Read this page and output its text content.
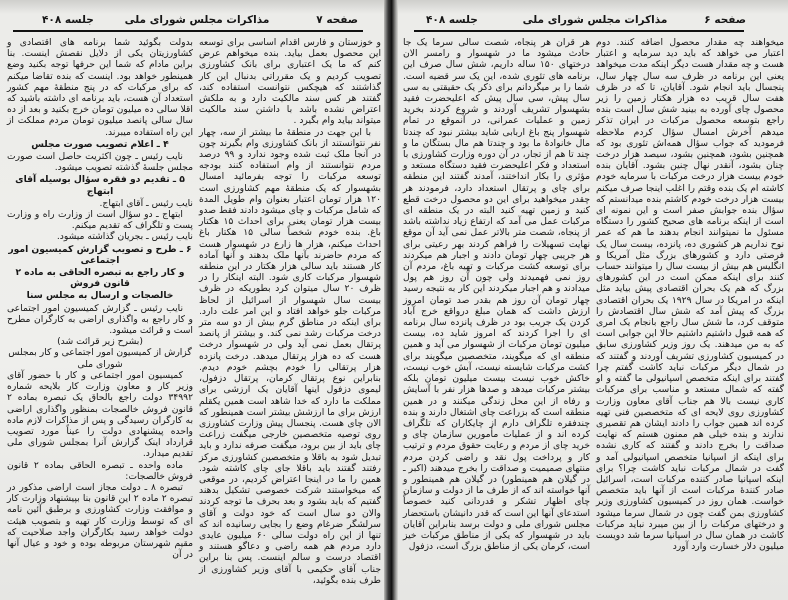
صفحه ۷
مذاکرات مجلس شورای ملی
جلسه ۴۰۸
و خوزستان و فارس اقدام اساسی برای توسعه این محصول بعمل بیاید. بنده میخواهم عرض کنم که ما یک اعتباری برای بانک کشاورزی تصویب کردیم و یک مقرراتی بدنبال این کار گذاشتند که هیچکس نتوانست استفاده کند، گفتند هر کس سند مالکیت دارد و به ملکش اعتراض نشده باشد با داشتن سند مالکیت میتواند بیاید وام بگیرد .
با این جهت در منطقهٔ ما بیشتر از سه، چهار نفر نتوانستند از بانک کشاورزی وام بگیرند چون در آنجا ملک ثبت شده وجود ندارد و ۹۹ درصد مردم نتوانستند از وام استفاده کنند بودجه توسعه مرکبات را توجه بفرمائید امسال بشهسوار که یک منطقهٔ مهم کشاورزی است ۱۲۰ هزار تومان اعتبار بعنوان وام طویل المدة که شامل مرکبات و چای میشود دادند فقط صدو بیست هزار تومان یعنی برای احداث ۱۵ هکتار باغ. بنده خودم شخصاً سالی ۱۵ هکتار باغ احداث میکنم، هزار ها زارع در شهسوار هست که مردم حاضرند بآنها ملک بدهند و آنها آماده کار هستند باید سالی هزار هکتار در این منطقه شهسوار مرکبات کاری شود. البته اینکار را در ظرف ۲۰ سال میتوان کرد بطوریکه در ظرف بیست سال شهسوار از اسرائیل از لحاظ مرکبات جلو خواهد افتاد و این امر علت دارد. برای اینکه در مناطق گرم بیش از دو سه متر درخت مرکبات رشد نمی کند. و بیشتر از پانصد پرتقال بعمل نمی آید ولی در شهسوار درخت هست که ده هزار پرتقال میدهد. درخت پانزده هزار پرتقالی را خودم بچشم خودم دیدم. بنابراین نوع پرتقال کرمان، پرتقال دزفول، لیموی دزفول اینها آقایان یک ارزشی برای مملکت ما دارد که خدا شاهد است همین یکقلم ارزش برای ما ارزشش بیشتر است همینطور که الان چای هست. پنجسال پیش وزارت کشاورزی روی توصیه متخصصین خارجی میگفت زراعت چای باید از بین برود، میگفت صرفه ندارد و باید تبدیل شود به باقلا و متخصصین کشاورزی مرکز رفتند گفتند باید باقلا جای چای کاشته شود. همین را ما در اینجا اعتراض کردیم، در موقعی که میخواستند شرکت خصوصی تشکیل بدهند گفتیم که باید بشود و بعد بحرف ما توجه کردند والان دو سال است که خود دولت و آقای سرلشگر ضرغام وضع را بجایی رسانیده اند که تنها از این راه دولت سالی ۶۰ میلیون عایدی دارد مردم هم همه راضی و دعاگو هستند و اقتصاد درست و سالم اینست. پس بنا براین جناب آقای حکیمی با آقای وزیر کشاورزی از طرف بنده بگوئید،
بدولت بگوئید شما برنامه های اقتصادی و کشاورزیتان یکی از دلایل نقصش اینست. بنا براین مادام که شما این حرفها توجه بکنید وضع همینطور خواهد بود. اینست که بنده تقاضا میکنم که برای مرکبات که در پنج منطقهٔ مهم کشور استعداد آن هست، باید برنامه ای داشته باشید که اقلا سالی ده میلیون تومان خرج بکنید و بعد از ده سال سالی پانصد میلیون تومان مردم مملکت از این راه استفاده میبرند.
۴ ـ اعلام تصویب صورت مجلس
نایب رئیس ـ چون اکثریت حاصل است صورت مجلس جلسهٔ گذشته تصویب میشود.
۵ ـ تقدیم دو فقره سؤال بوسیله آقای ابتهاج
نایب رئیس ـ آقای ابتهاج.
ابتهاج ـ دو سؤال است از وزارت راه و وزارت پست و تلگراف که تقدیم میکنم.
نایب رئیس ـ بجریان گذاشته میشود.
۶ ـ طرح و تصویب گزارش کمیسیون امور اجتماعی
و کار راجع به تبصره الحاقی به ماده ۲ قانون فروش
خالصجات و ارسال به مجلس سنا
نایب رئیس ـ گزارش کمیسیون امور اجتماعی و کار راجع به واگذاری اراضی به کارگران مطرح است و قرائت میشود.
(بشرح زیر قرائت شد)
گزارش از کمیسیون امور اجتماعی و کار بمجلس
شورای ملی
کمیسیون امور اجتماعی و کار با حضور آقای وزیر کار و معاون وزارت کار بلایحه شماره ۳۴۹۹۲ دولت راجع بالحاق یک تبصره بماده ۲ قانون فروش خالصجات بمنظور واگذاری اراضی به کارگران رسیدگی و پس از مذاکرات لازم ماده واحده پیشنهادی دولت را عیناً مورد تصویب قرارداد اینک گزارش آنرا بمجلس شورای ملی تقدیم میدارد.
ماده واحده ـ تبصره الحاقی بماده ۲ قانون فروش خالصجات:
تبصره ۸ ـ دولت مجاز است اراضی مذکور در تبصره ۲ ماده ۲ این قانون بنا بپیشنهاد وزارت کار و موافقت وزارت کشاورزی و برطبق آئین نامه ای که توسط وزارت کار تهیه و بتصویب هیئت دولت خواهد رسید بکارگران واجد صلاحیت که مقیم شهرستان مربوطه بوده و خود و عیال آنها در آن
صفحه ۶
مذاکرات مجلس شورای ملی
جلسه ۴۰۸
میخواهند چه مقدار محصول اضافه کنند. دوم اعتبار می‌ خواهد که باید دید سرمایه و اعتبار هست و چه مقدار هست دیگر اینکه مدت میخواهد یعنی این برنامه در ظرف سه سال چهار سال، پنجسال باید انجام شود. آقایان، تا که در ظرف هفت سال قریب ده هزار هکتار زمین را زیر محصول چای آورده به بینید شش سال است بنده راجع بتوسعه محصول مرکبات در ایران تذکر میدهم آخرش امسال سؤال کردم ملاحظه فرمودید که جواب سؤال همه‌اش تئوری بود که همچنین بشود، همچنین بشود، سیصد هزار درخت چنان بشود، آنقدر نهال چنین بشود. آقایان بنده خودم بیست هزار درخت مرکبات با سرمایه خودم کاشته ام یک بنده وقتم را اغلب اینجا صرف میکنم بیست هزار درخت خودم کاشتم بنده میدانستم که سؤال بنده جوابش صفر است و این نمونه ای است از اینکه برنامه های صحیح کشور را دستگاه مسئول ما نمیتوانند انجام بدهند ما هم که عمر نوح نداریم هر کشوری ده، پانزده، بیست سال یک فرصتی دارد و کشورهای بزرگ مثل آمریکا و انگلیس هم بیش از بیست سال را میتوانند حساب کنند برای اینکه ممکن است در این کشورهای بزرگ که هم یک بحران اقتصادی پیش بیاید مثل اینکه در امریکا در سال ۱۹۲۹ یک بحران اقتصادی بزرگ که پیش آمد که شش سال اقتصادش را متوقف کرد، ما شش سال راجع بانجام یک امری که همه قبول داشتیم داشتیم حالا این جوابی است که به من میدهند. یک روز وزیر کشاورزی سابق در کمیسیون کشاورزی تشریف آوردند و گفتند که در شمال دیگر مرکبات نباید کاشت گفتم چرا گفتند برای اینکه متخصص اسپانیولی ما گفته و او گفته که شمال مستعد و مناسب برای مرکبات کاری نیست بالا هم جناب آقای معاون وزارت کشاورزی روی لایحه ای که متخصصین فنی تهیه کرده اند همین جواب را دادند ایشان هم تقصیری ندارند و بنده خیلی هم ممنون هستم که نهایت صداقت را بخرج دادند و گفتند که کاری نشده برای اینکه از اسپانیا متخصص اسپانیولی آمد و گفت در شمال مرکبات نباید کاشت چرا؟ برای اینکه اسپانیا صادر کننده مرکبات است، اسرائیل صادر کنندهٔ مرکبات است از آنها باید متخصص خواست. همان روز در کمیسیون کشاورزی وزیر کشاورزی بمن گفت چون در شمال سرما میشود و درختهای مرکبات را از بین میبرد نباید مرکبات کاشت در همان سال در اسپانیا سرما شد دویست میلیون دلار خسارت وارد آورد
هر قران هر پنجاه، شصت سالی سرما یک جا حادث میشود ما در شهسوار و رامسر الان درختهای ۱۵۰ ساله داریم، شش سال صرف این برنامه های تئوری شده، این یک سر قضیه است. شما را بر میگردانم برای ذکر یک حقیقتی به سی سال پیش، سی سال پیش که اعلیحضرت فقید بشهسوار تشریف آوردند و شروع کردند بخرید زمین و عملیات عمرانی، در آنموقع در تمام شهسوار پنج باغ اربابی شاید بیشتر نبود که چندتا مال خانوادهٔ ما بود و چندتا هم مال بستگان ما و چند تا هم از تجار، در آن دوره وزارت کشاورزی با استعداد و فکر اعلیحضرت فقید دستگاه مستعد و مؤثری را بکار انداختند، آمدند گفتند این منطقه برای چای و پرتقال استعداد دارد، فرمودند هر چقدر میخواهید برای این دو محصول درخت قطع کنید و زمین تهیه کنید البته در یک منطقه ای مرکبات عمل می آمد که ارتفاع زیاد نداشته باشد از پنجاه، شصت متر بالاتر عمل نمی آید آن موقع نهایت تسهیلات را فراهم کردند بهر رعیتی برای هر جریبی چهار تومان دادند و اجبار هم میکردند برای توسعه کشت مرکبات و تهیه باغ، مردم آن روز نمی فهمیدند ولی چون آن روز هم پول میدادند و هم اجبار میکردند این کار به نتیجه رسید چهار تومان آن روز هم بقدر صد تومان امروز ارزش داشت که همان مبلغ درواقع خرج آباد کردن یک جریب بود در ظرف پانزده سال برنامه ای را اجرا کردند که امروز شاید ده، بیست میلیون تومان مرکبات از شهسوار می آید و همین منطقه ای که میگویند، متخصصین میگویند برای کشت مرکبات شایسته نیست، آبش خوب نیست، خاکش خوب نیست بیست میلیون تومان بلکه بیشتر مرکبات میدهد و صدها هزار نفر با آسایش و رفاه از این محل زندگی میکنند و در همین منطقه است که بزراعت چای اشتغال دارند و بنده چندفقره تلگراف دارم از چایکاران که تلگراف کرده اند و از عملیات مأمورین سازمان چای و خرید چای از مردم و رعایت حقوق مردم و ترتیب کار و پرداخت پول نقد و راضی کردن مردم منتهای صمیمیت و صداقت را بخرج میدهند (اکبر ـ در گیلان هم همینطور) در گیلان هم همینطور و آنها خواسته اند که از طرف ما از دولت و سازمان چای اظهار تشکر و قدردانی کنید خصوصاً استدعای آنها این است که قدر دانیشان باستحضار مجلس شورای ملی و دولت برسد بنابراین آقایان باید در شهسوار که یکی از مناطق مرکبات خیز است، کرمان یکی از مناطق بزرگ است، دزفول
